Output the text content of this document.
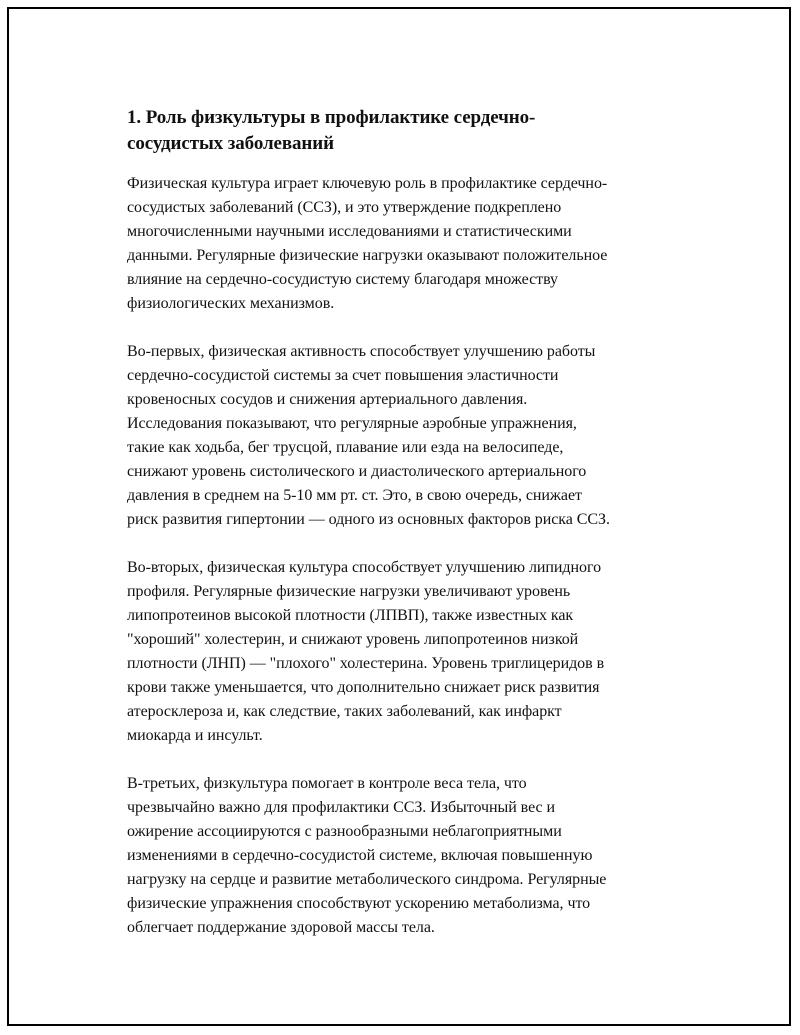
1. Роль физкультуры в профилактике сердечно-
сосудистых заболеваний

Физическая культура играет ключевую роль в профилактике сердечно-
сосудистых заболеваний (ССЗ), и это утверждение подкреплено
многочисленными научными исследованиями и статистическими
данными. Регулярные физические нагрузки оказывают положительное
влияние на сердечно-сосудистую систему благодаря множеству
физиологических механизмов.

Во-первых, физическая активность способствует улучшению работы
сердечно-сосудистой системы за счет повышения эластичности
кровеносных сосудов и снижения артериального давления.
Исследования показывают, что регулярные аэробные упражнения,
такие как ходьба, бег трусцой, плавание или езда на велосипеде,
снижают уровень систолического и диастолического артериального
давления в среднем на 5-10 мм рт. ст. Это, в свою очередь, снижает
риск развития гипертонии — одного из основных факторов риска ССЗ.

Во-вторых, физическая культура способствует улучшению липидного
профиля. Регулярные физические нагрузки увеличивают уровень
липопротеинов высокой плотности (ЛПВП), также известных как
"хороший" холестерин, и снижают уровень липопротеинов низкой
плотности (ЛНП) — "плохого" холестерина. Уровень триглицеридов в
крови также уменьшается, что дополнительно снижает риск развития
атеросклероза и, как следствие, таких заболеваний, как инфаркт
миокарда и инсульт.

В-третьих, физкультура помогает в контроле веса тела, что
чрезвычайно важно для профилактики ССЗ. Избыточный вес и
ожирение ассоциируются с разнообразными неблагоприятными
изменениями в сердечно-сосудистой системе, включая повышенную
нагрузку на сердце и развитие метаболического синдрома. Регулярные
физические упражнения способствуют ускорению метаболизма, что
облегчает поддержание здоровой массы тела.
